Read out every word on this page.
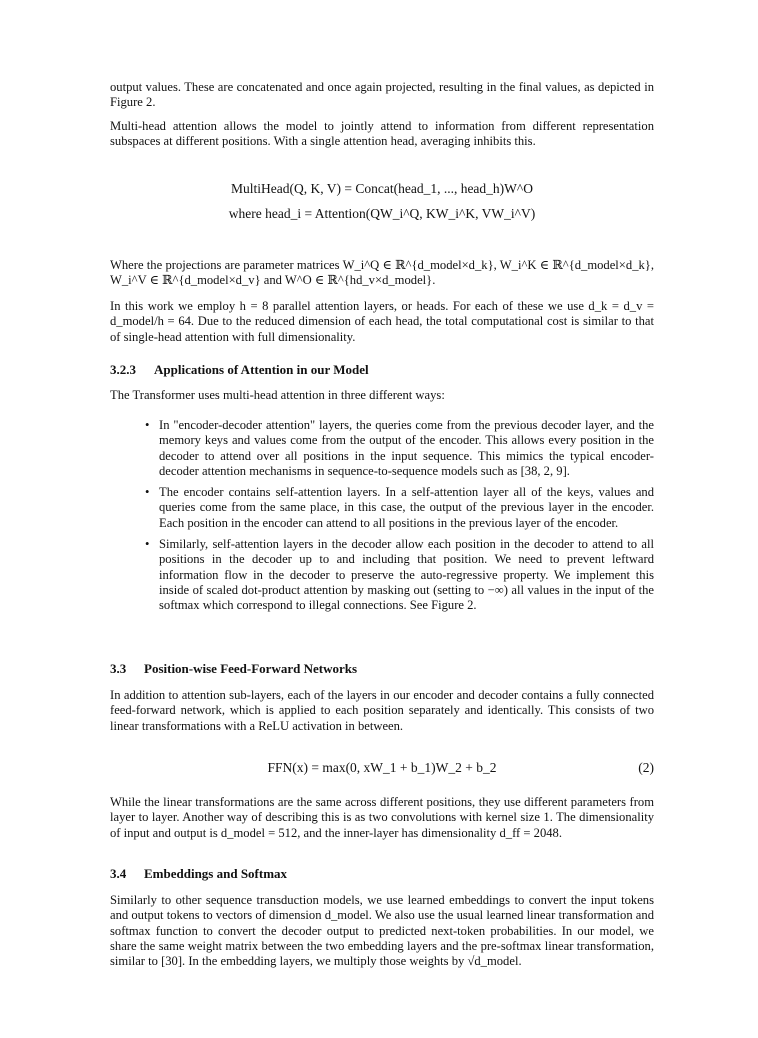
output values. These are concatenated and once again projected, resulting in the final values, as depicted in Figure 2.

Multi-head attention allows the model to jointly attend to information from different representation subspaces at different positions. With a single attention head, averaging inhibits this.

MultiHead(Q, K, V) = Concat(head_1, ..., head_h)W^O
where head_i = Attention(QW_i^Q, KW_i^K, VW_i^V)

Where the projections are parameter matrices W_i^Q ∈ ℝ^{d_model×d_k}, W_i^K ∈ ℝ^{d_model×d_k}, W_i^V ∈ ℝ^{d_model×d_v} and W^O ∈ ℝ^{hd_v×d_model}.

In this work we employ h = 8 parallel attention layers, or heads. For each of these we use d_k = d_v = d_model/h = 64. Due to the reduced dimension of each head, the total computational cost is similar to that of single-head attention with full dimensionality.

3.2.3 Applications of Attention in our Model

The Transformer uses multi-head attention in three different ways:

• In "encoder-decoder attention" layers, the queries come from the previous decoder layer, and the memory keys and values come from the output of the encoder. This allows every position in the decoder to attend over all positions in the input sequence. This mimics the typical encoder-decoder attention mechanisms in sequence-to-sequence models such as [38, 2, 9].
• The encoder contains self-attention layers. In a self-attention layer all of the keys, values and queries come from the same place, in this case, the output of the previous layer in the encoder. Each position in the encoder can attend to all positions in the previous layer of the encoder.
• Similarly, self-attention layers in the decoder allow each position in the decoder to attend to all positions in the decoder up to and including that position. We need to prevent leftward information flow in the decoder to preserve the auto-regressive property. We implement this inside of scaled dot-product attention by masking out (setting to −∞) all values in the input of the softmax which correspond to illegal connections. See Figure 2.
3.3 Position-wise Feed-Forward Networks

In addition to attention sub-layers, each of the layers in our encoder and decoder contains a fully connected feed-forward network, which is applied to each position separately and identically. This consists of two linear transformations with a ReLU activation in between.

FFN(x) = max(0, xW_1 + b_1)W_2 + b_2	(2)

While the linear transformations are the same across different positions, they use different parameters from layer to layer. Another way of describing this is as two convolutions with kernel size 1. The dimensionality of input and output is d_model = 512, and the inner-layer has dimensionality d_ff = 2048.

3.4 Embeddings and Softmax

Similarly to other sequence transduction models, we use learned embeddings to convert the input tokens and output tokens to vectors of dimension d_model. We also use the usual learned linear transformation and softmax function to convert the decoder output to predicted next-token probabilities. In our model, we share the same weight matrix between the two embedding layers and the pre-softmax linear transformation, similar to [30]. In the embedding layers, we multiply those weights by √d_model.
